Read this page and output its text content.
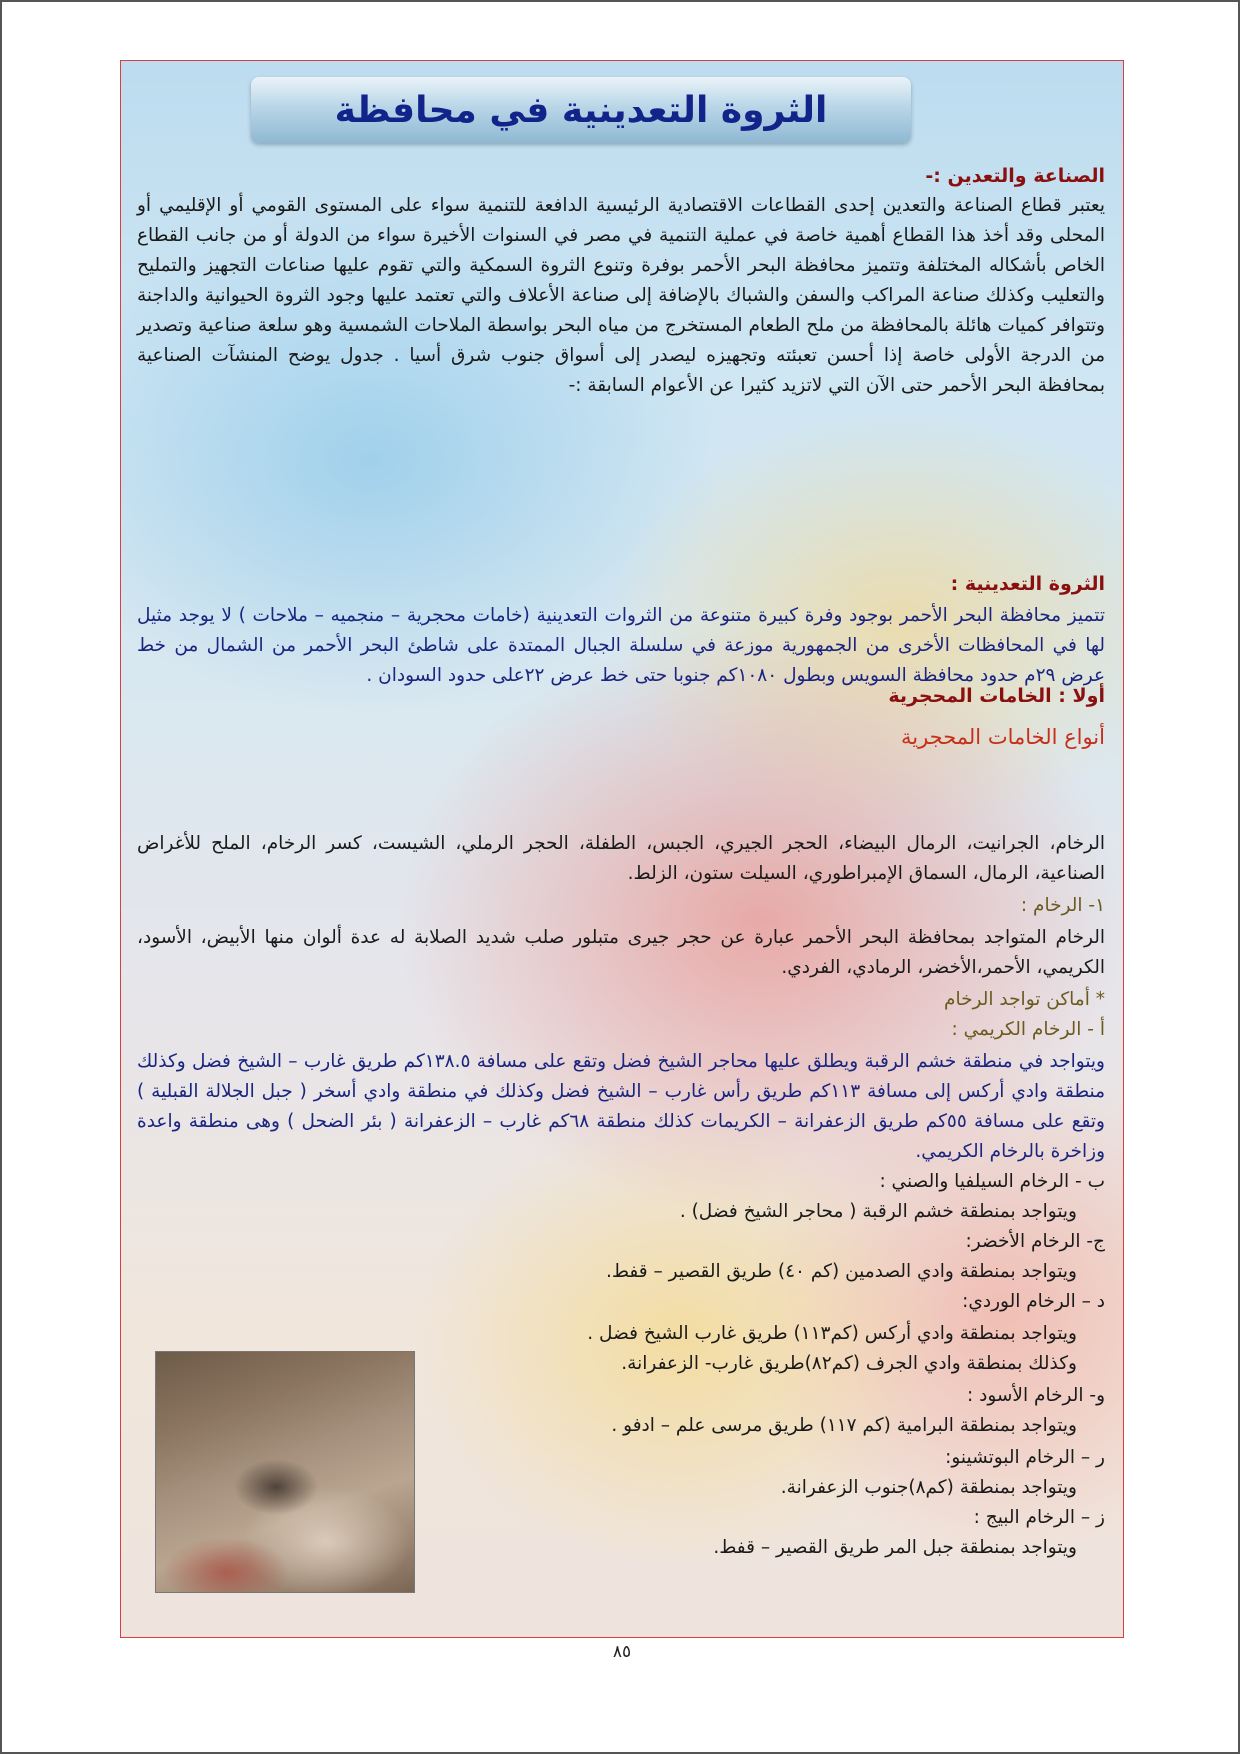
الثروة التعدينية في محافظة

الصناعة والتعدين :-

يعتبر قطاع الصناعة والتعدين إحدى القطاعات الاقتصادية الرئيسية الدافعة للتنمية سواء على المستوى القومي أو الإقليمي أو المحلى وقد أخذ هذا القطاع أهمية خاصة في عملية التنمية في مصر في السنوات الأخيرة سواء من الدولة أو من جانب القطاع الخاص بأشكاله المختلفة وتتميز محافظة البحر الأحمر بوفرة وتنوع الثروة السمكية والتي تقوم عليها صناعات التجهيز والتمليح والتعليب وكذلك صناعة المراكب والسفن والشباك بالإضافة إلى صناعة الأعلاف والتي تعتمد عليها وجود الثروة الحيوانية والداجنة وتتوافر كميات هائلة بالمحافظة من ملح الطعام المستخرج من مياه البحر بواسطة الملاحات الشمسية وهو سلعة صناعية وتصدير من الدرجة الأولى خاصة إذا أحسن تعبئته وتجهيزه ليصدر إلى أسواق جنوب شرق أسيا . جدول يوضح المنشآت الصناعية بمحافظة البحر الأحمر حتى الآن التي لاتزيد كثيرا عن الأعوام السابقة :-

الثروة التعدينية :

تتميز محافظة البحر الأحمر بوجود وفرة كبيرة متنوعة من الثروات التعدينية (خامات محجرية – منجميه – ملاحات ) لا يوجد مثيل لها في المحافظات الأخرى من الجمهورية موزعة في سلسلة الجبال الممتدة على شاطئ البحر الأحمر من الشمال من خط عرض ٢٩م حدود محافظة السويس وبطول ١٠٨٠كم جنوبا حتى خط عرض ٢٢على حدود السودان .

أولا : الخامات المحجرية

أنواع الخامات المحجرية

الرخام، الجرانيت، الرمال البيضاء، الحجر الجيري، الجبس، الطفلة، الحجر الرملي، الشيست، كسر الرخام، الملح للأغراض الصناعية، الرمال، السماق الإمبراطوري، السيلت ستون، الزلط.

١- الرخام :

الرخام المتواجد بمحافظة البحر الأحمر عبارة عن حجر جيرى متبلور صلب شديد الصلابة له عدة ألوان منها الأبيض، الأسود، الكريمي، الأحمر،الأخضر، الرمادي، الفردي.

* أماكن تواجد الرخام

أ - الرخام الكريمي :

ويتواجد في منطقة خشم الرقبة ويطلق عليها محاجر الشيخ فضل وتقع على مسافة ١٣٨.٥كم طريق غارب – الشيخ فضل وكذلك منطقة وادي أركس إلى مسافة ١١٣كم طريق رأس غارب – الشيخ فضل وكذلك في منطقة وادي أسخر ( جبل الجلالة القبلية ) وتقع على مسافة ٥٥كم طريق الزعفرانة – الكريمات كذلك منطقة ٦٨كم غارب – الزعفرانة ( بئر الضحل ) وهى منطقة واعدة وزاخرة بالرخام الكريمي.

ب - الرخام السيلفيا والصني :

ويتواجد بمنطقة خشم الرقبة ( محاجر الشيخ فضل) .

ج- الرخام الأخضر:

ويتواجد بمنطقة وادي الصدمين (كم ٤٠) طريق القصير – قفط.

د – الرخام الوردي:

ويتواجد بمنطقة وادي أركس (كم١١٣) طريق غارب الشيخ فضل .

وكذلك بمنطقة وادي الجرف (كم٨٢)طريق غارب- الزعفرانة.

و- الرخام الأسود :

ويتواجد بمنطقة البرامية (كم ١١٧) طريق مرسى علم – ادفو .

ر – الرخام البوتشينو:

ويتواجد بمنطقة (كم٨)جنوب الزعفرانة.

ز – الرخام البيج :

ويتواجد بمنطقة جبل المر طريق القصير – قفط.

٨٥
